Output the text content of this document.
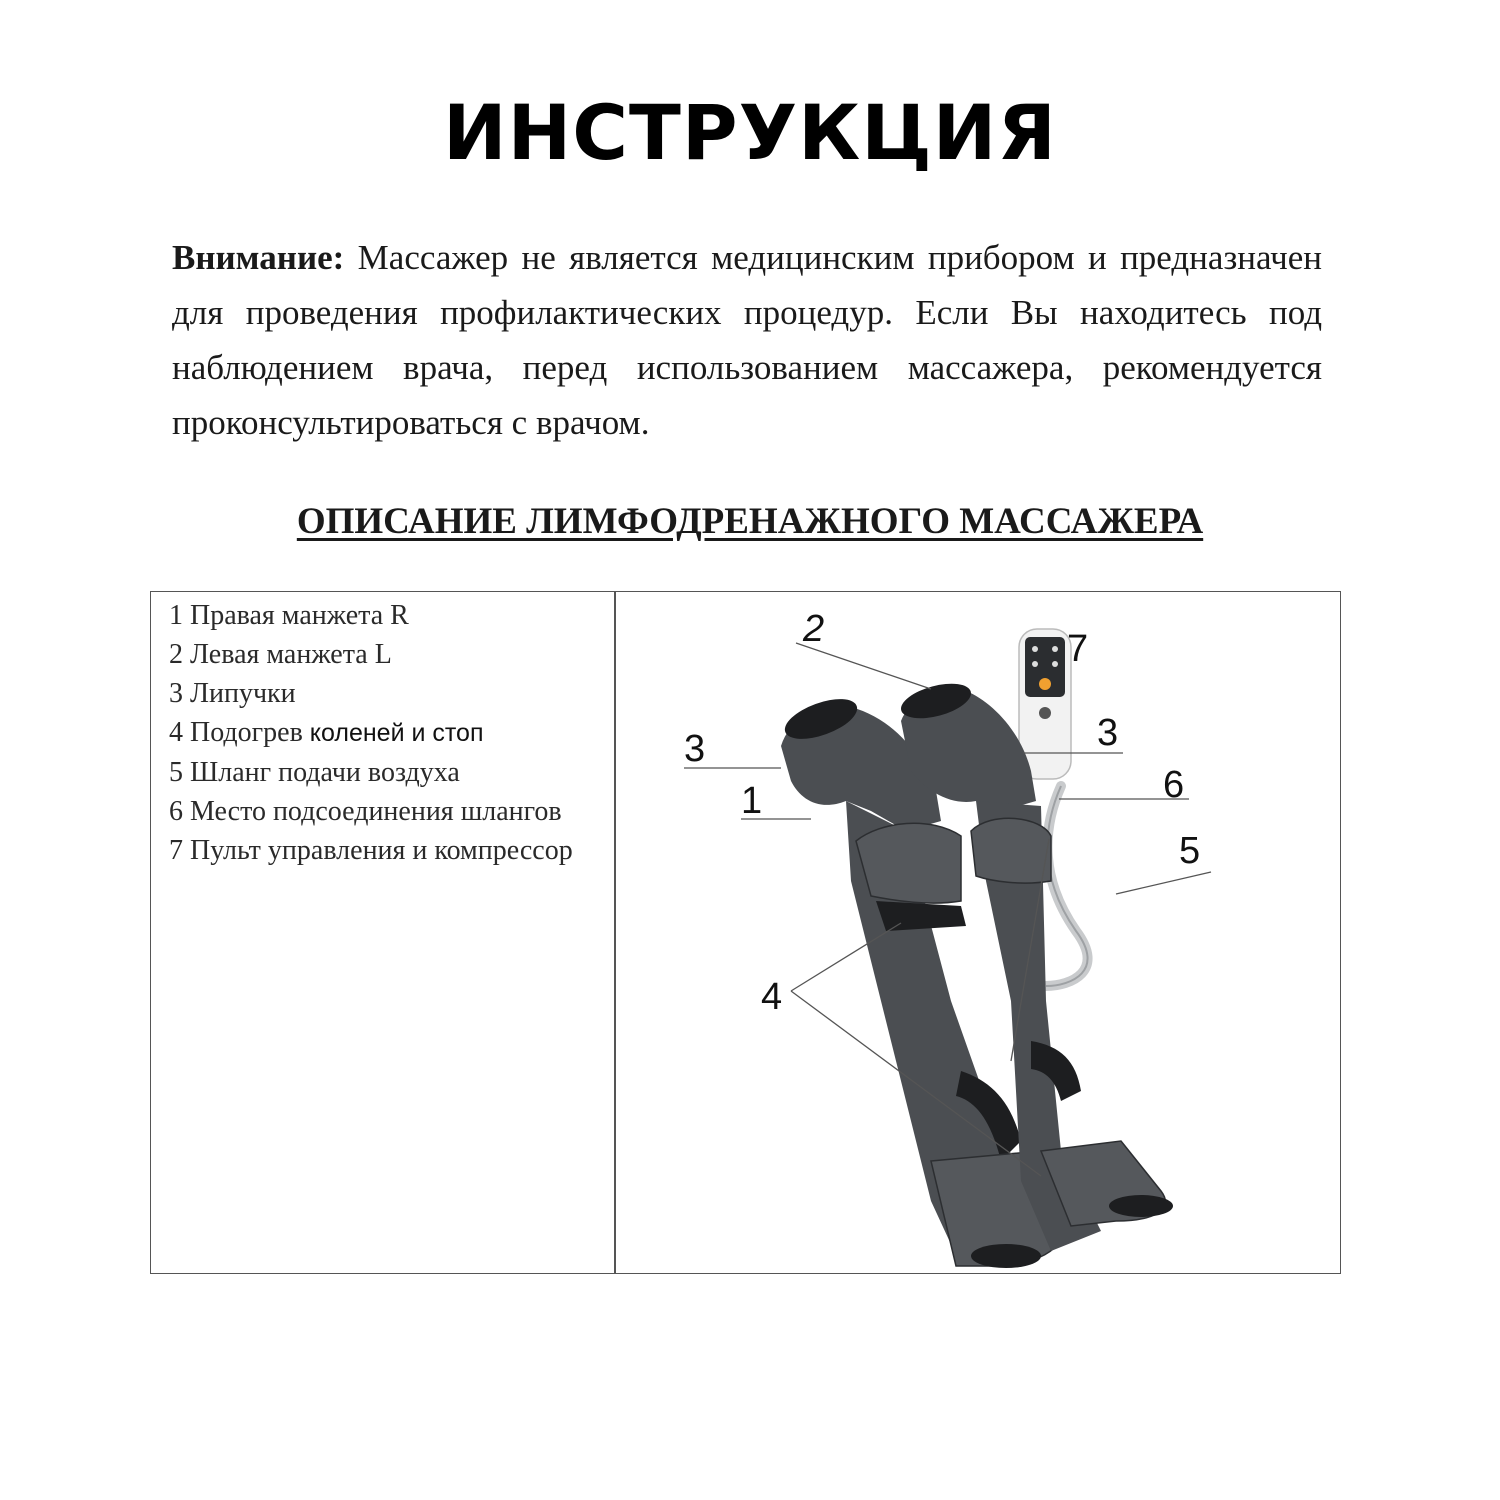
ИНСТРУКЦИЯ
Внимание: Массажер не является медицинским прибором и предназначен для проведения профилактических процедур. Если Вы находитесь под наблюдением врача, перед использованием массажера, рекомендуется проконсультироваться с врачом.
ОПИСАНИЕ ЛИМФОДРЕНАЖНОГО МАССАЖЕРА
1 Правая манжета R
2 Левая манжета L
3 Липучки
4 Подогрев коленей и стоп
5 Шланг подачи воздуха
6 Место подсоединения шлангов
7 Пульт управления и компрессор
2	7
3	3
1	6
5
4
